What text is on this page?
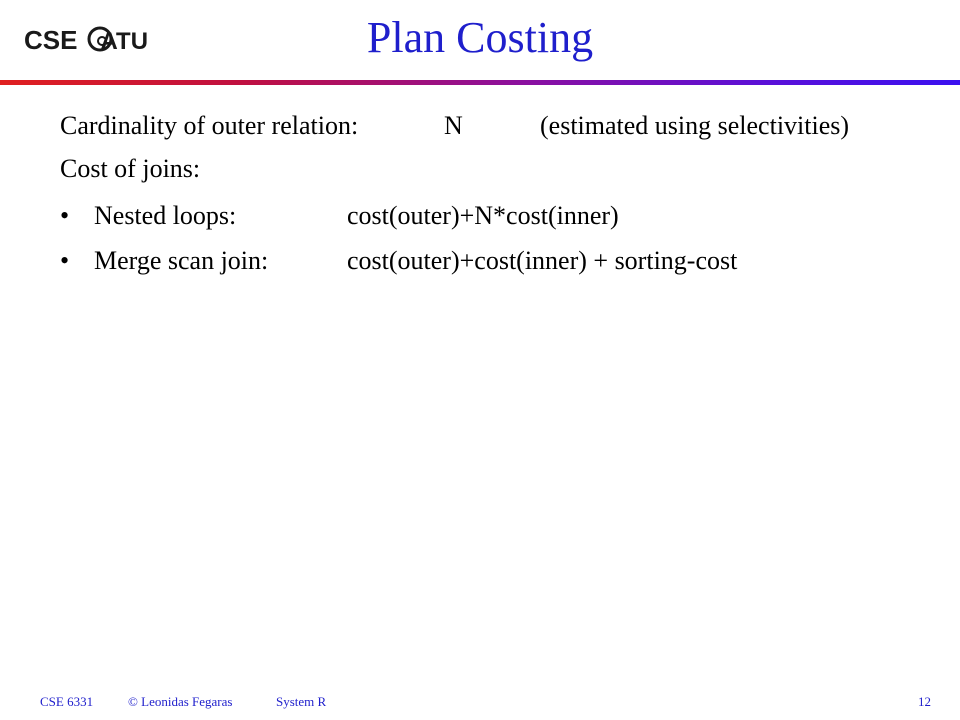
CSE UTA	Plan Costing
Cardinality of outer relation:	N	(estimated using selectivities)
Cost of joins:
• Nested loops:	cost(outer)+N*cost(inner)
• Merge scan join:	cost(outer)+cost(inner) + sorting-cost
CSE 6331	© Leonidas Fegaras	System R	12
